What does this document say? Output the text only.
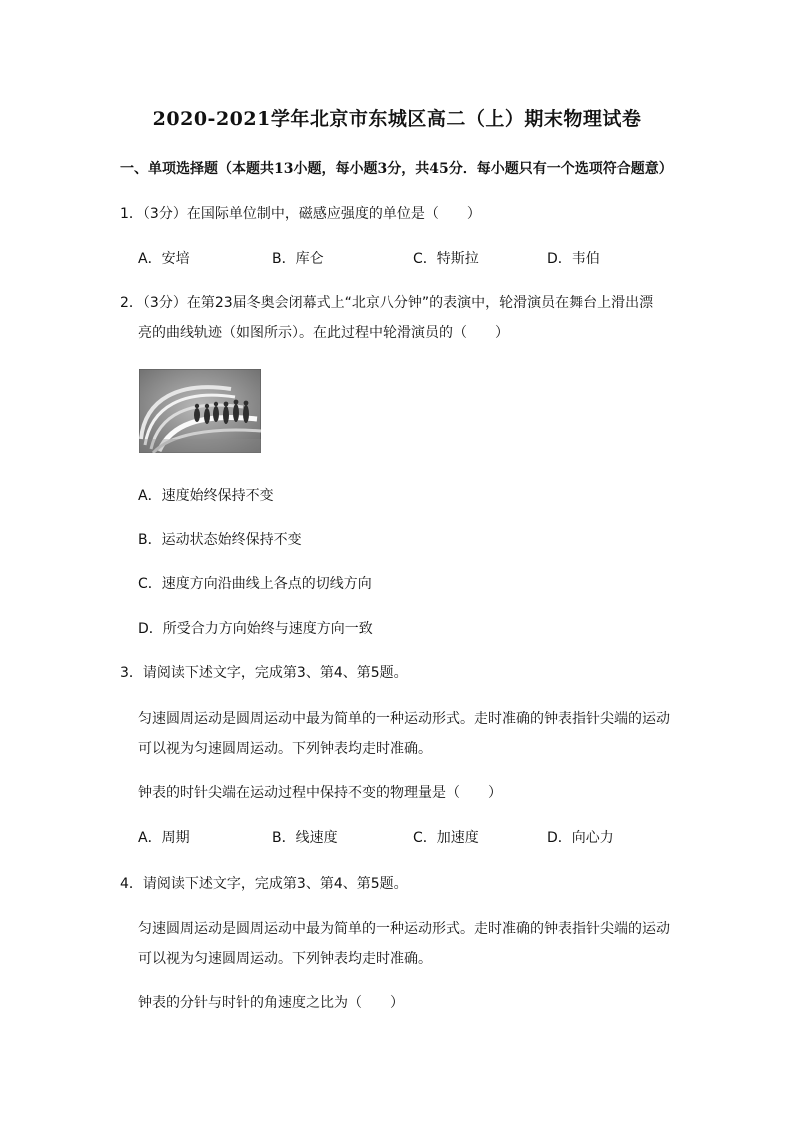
2020-2021学年北京市东城区高二（上）期末物理试卷
一、单项选择题（本题共13小题，每小题3分，共45分．每小题只有一个选项符合题意）
1．（3分）在国际单位制中，磁感应强度的单位是（　　）
A．安培	B．库仑	C．特斯拉	D．韦伯
2．（3分）在第23届冬奥会闭幕式上“北京八分钟”的表演中，轮滑演员在舞台上滑出漂
亮的曲线轨迹（如图所示）。在此过程中轮滑演员的（　　）
A．速度始终保持不变
B．运动状态始终保持不变
C．速度方向沿曲线上各点的切线方向
D．所受合力方向始终与速度方向一致
3．请阅读下述文字，完成第3、第4、第5题。
匀速圆周运动是圆周运动中最为简单的一种运动形式。走时准确的钟表指针尖端的运动
可以视为匀速圆周运动。下列钟表均走时准确。
钟表的时针尖端在运动过程中保持不变的物理量是（　　）
A．周期	B．线速度	C．加速度	D．向心力
4．请阅读下述文字，完成第3、第4、第5题。
匀速圆周运动是圆周运动中最为简单的一种运动形式。走时准确的钟表指针尖端的运动
可以视为匀速圆周运动。下列钟表均走时准确。
钟表的分针与时针的角速度之比为（　　）
